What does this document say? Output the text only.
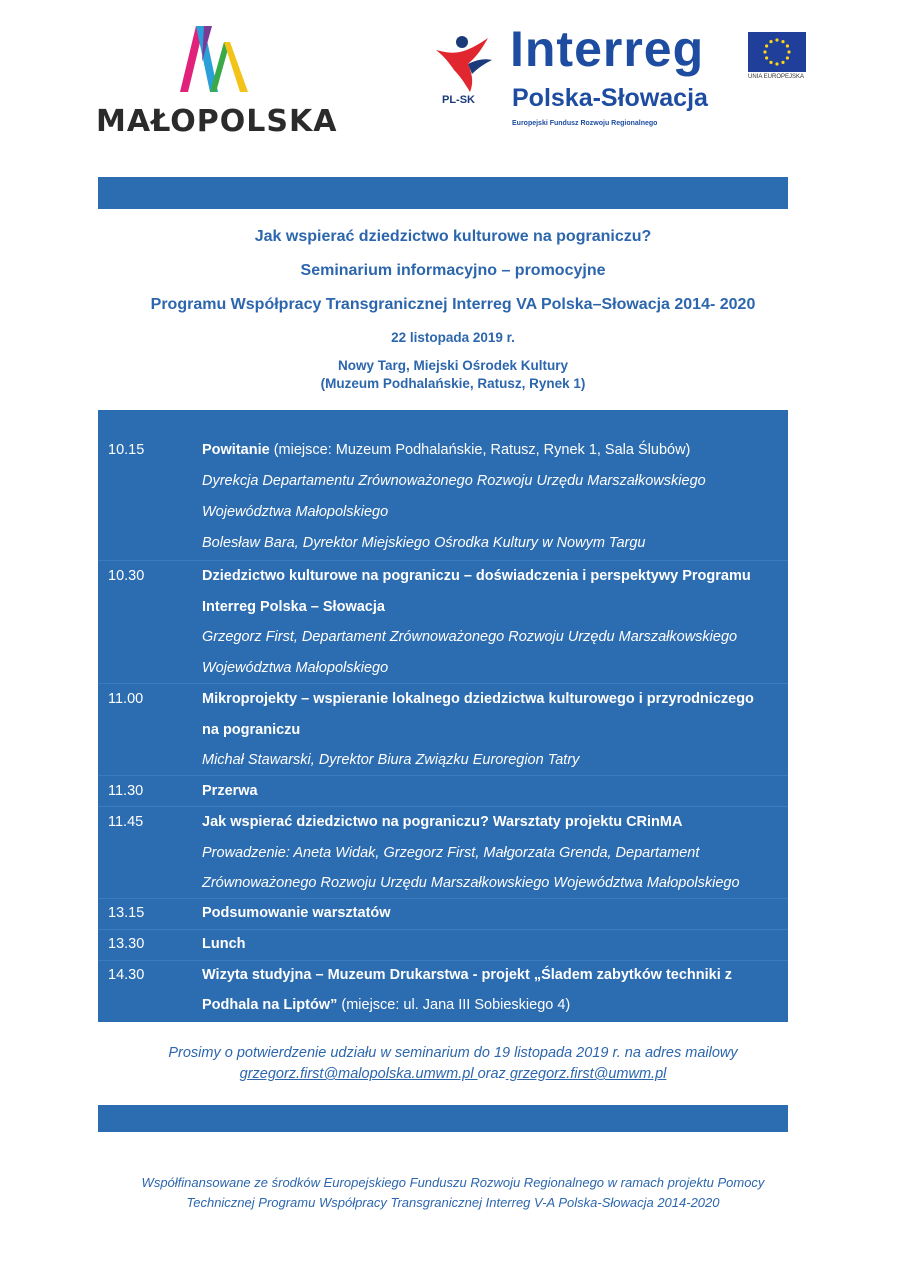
MAŁOPOLSKA
PL-SK
Interreg
Polska-Słowacja
Europejski Fundusz Rozwoju Regionalnego
UNIA EUROPEJSKA
Jak wspierać dziedzictwo kulturowe na pograniczu?
Seminarium informacyjno – promocyjne
Programu Współpracy Transgranicznej Interreg VA Polska–Słowacja 2014- 2020
22 listopada 2019 r.
Nowy Targ, Miejski Ośrodek Kultury
(Muzeum Podhalańskie, Ratusz, Rynek 1)
10.15	Powitanie (miejsce: Muzeum Podhalańskie, Ratusz, Rynek 1, Sala Ślubów)
Dyrekcja Departamentu Zrównoważonego Rozwoju Urzędu Marszałkowskiego
Województwa Małopolskiego
Bolesław Bara, Dyrektor Miejskiego Ośrodka Kultury w Nowym Targu
10.30	Dziedzictwo kulturowe na pograniczu – doświadczenia i perspektywy Programu
Interreg Polska – Słowacja
Grzegorz First, Departament Zrównoważonego Rozwoju Urzędu Marszałkowskiego
Województwa Małopolskiego
11.00	Mikroprojekty – wspieranie lokalnego dziedzictwa kulturowego i przyrodniczego
na pograniczu
Michał Stawarski, Dyrektor Biura Związku Euroregion Tatry
11.30	Przerwa
11.45	Jak wspierać dziedzictwo na pograniczu? Warsztaty projektu CRinMA
Prowadzenie: Aneta Widak, Grzegorz First, Małgorzata Grenda, Departament
Zrównoważonego Rozwoju Urzędu Marszałkowskiego Województwa Małopolskiego
13.15	Podsumowanie warsztatów
13.30	Lunch
14.30	Wizyta studyjna – Muzeum Drukarstwa - projekt „Śladem zabytków techniki z
Podhala na Liptów” (miejsce: ul. Jana III Sobieskiego 4)
Prosimy o potwierdzenie udziału w seminarium do 19 listopada 2019 r. na adres mailowy
grzegorz.first@malopolska.umwm.pl oraz grzegorz.first@umwm.pl
Współfinansowane ze środków Europejskiego Funduszu Rozwoju Regionalnego w ramach projektu Pomocy
Technicznej Programu Współpracy Transgranicznej Interreg V-A Polska-Słowacja 2014-2020
